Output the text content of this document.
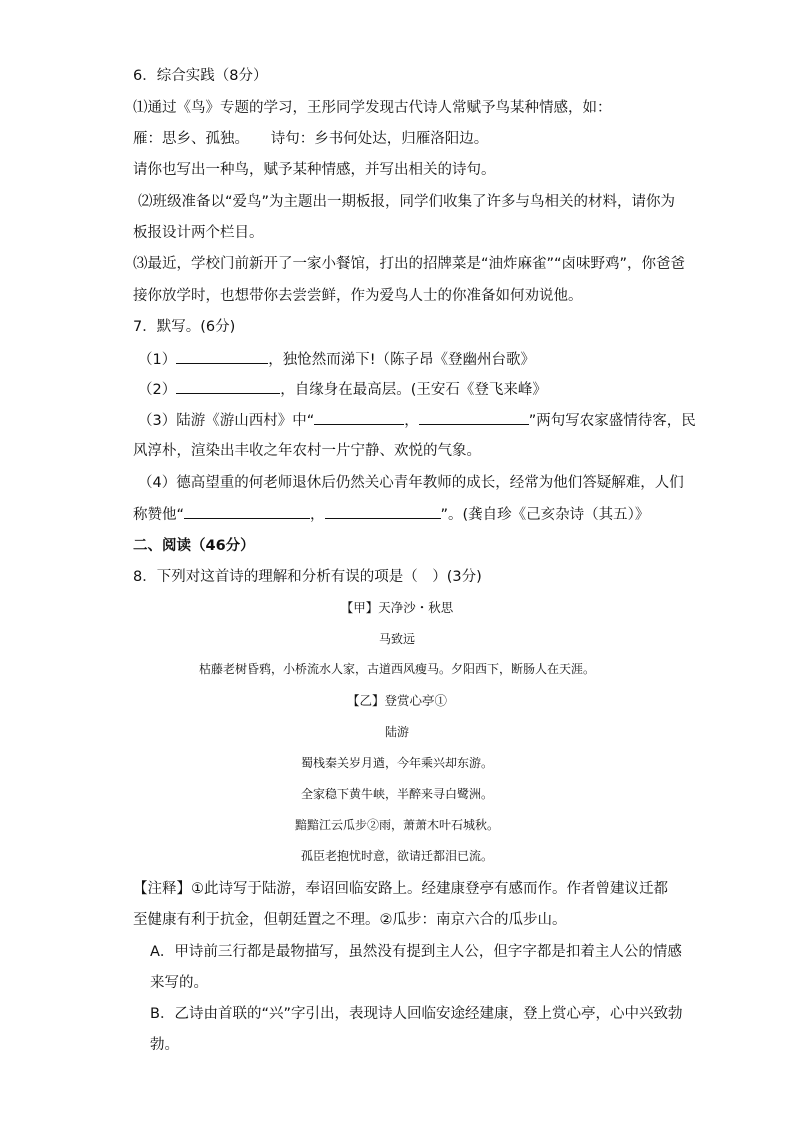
6．综合实践（8分）
⑴通过《鸟》专题的学习，王彤同学发现古代诗人常赋予鸟某种情感，如：
雁：思乡、孤独。　　诗句：乡书何处达，归雁洛阳边。
请你也写出一种鸟，赋予某种情感，并写出相关的诗句。
⑵班级准备以“爱鸟”为主题出一期板报，同学们收集了许多与鸟相关的材料，请你为
板报设计两个栏目。
⑶最近，学校门前新开了一家小餐馆，打出的招牌菜是“油炸麻雀”“卤味野鸡”，你爸爸
接你放学时，也想带你去尝尝鲜，作为爱鸟人士的你准备如何劝说他。
7．默写。(6分)
（1）	，独怆然而涕下!（陈子昂《登幽州台歌》
（2）	，自缘身在最高层。(王安石《登飞来峰》
（3）陆游《游山西村》中“	，	”两句写农家盛情待客，民
风淳朴，渲染出丰收之年农村一片宁静、欢悦的气象。
（4）德高望重的何老师退休后仍然关心青年教师的成长，经常为他们答疑解难，人们
称赞他“	，	”。(龚自珍《己亥杂诗（其五）》
二、阅读（46分）
8．下列对这首诗的理解和分析有误的项是（　）(3分)
【甲】天净沙・秋思
马致远
枯藤老树昏鸦，小桥流水人家，古道西风瘦马。夕阳西下，断肠人在天涯。
【乙】登赏心亭①
陆游
蜀栈秦关岁月遒，今年乘兴却东游。
全家稳下黄牛峡，半醉来寻白鹭洲。
黯黯江云瓜步②雨，萧萧木叶石城秋。
孤臣老抱忧时意，欲请迁都泪已流。
【注释】①此诗写于陆游，奉诏回临安路上。经建康登亭有感而作。作者曾建议迁都
至健康有利于抗金，但朝廷置之不理。②瓜步：南京六合的瓜步山。
A．甲诗前三行都是最物描写，虽然没有提到主人公，但字字都是扣着主人公的情感
来写的。
B．乙诗由首联的“兴”字引出，表现诗人回临安途经建康，登上赏心亭，心中兴致勃
勃。
